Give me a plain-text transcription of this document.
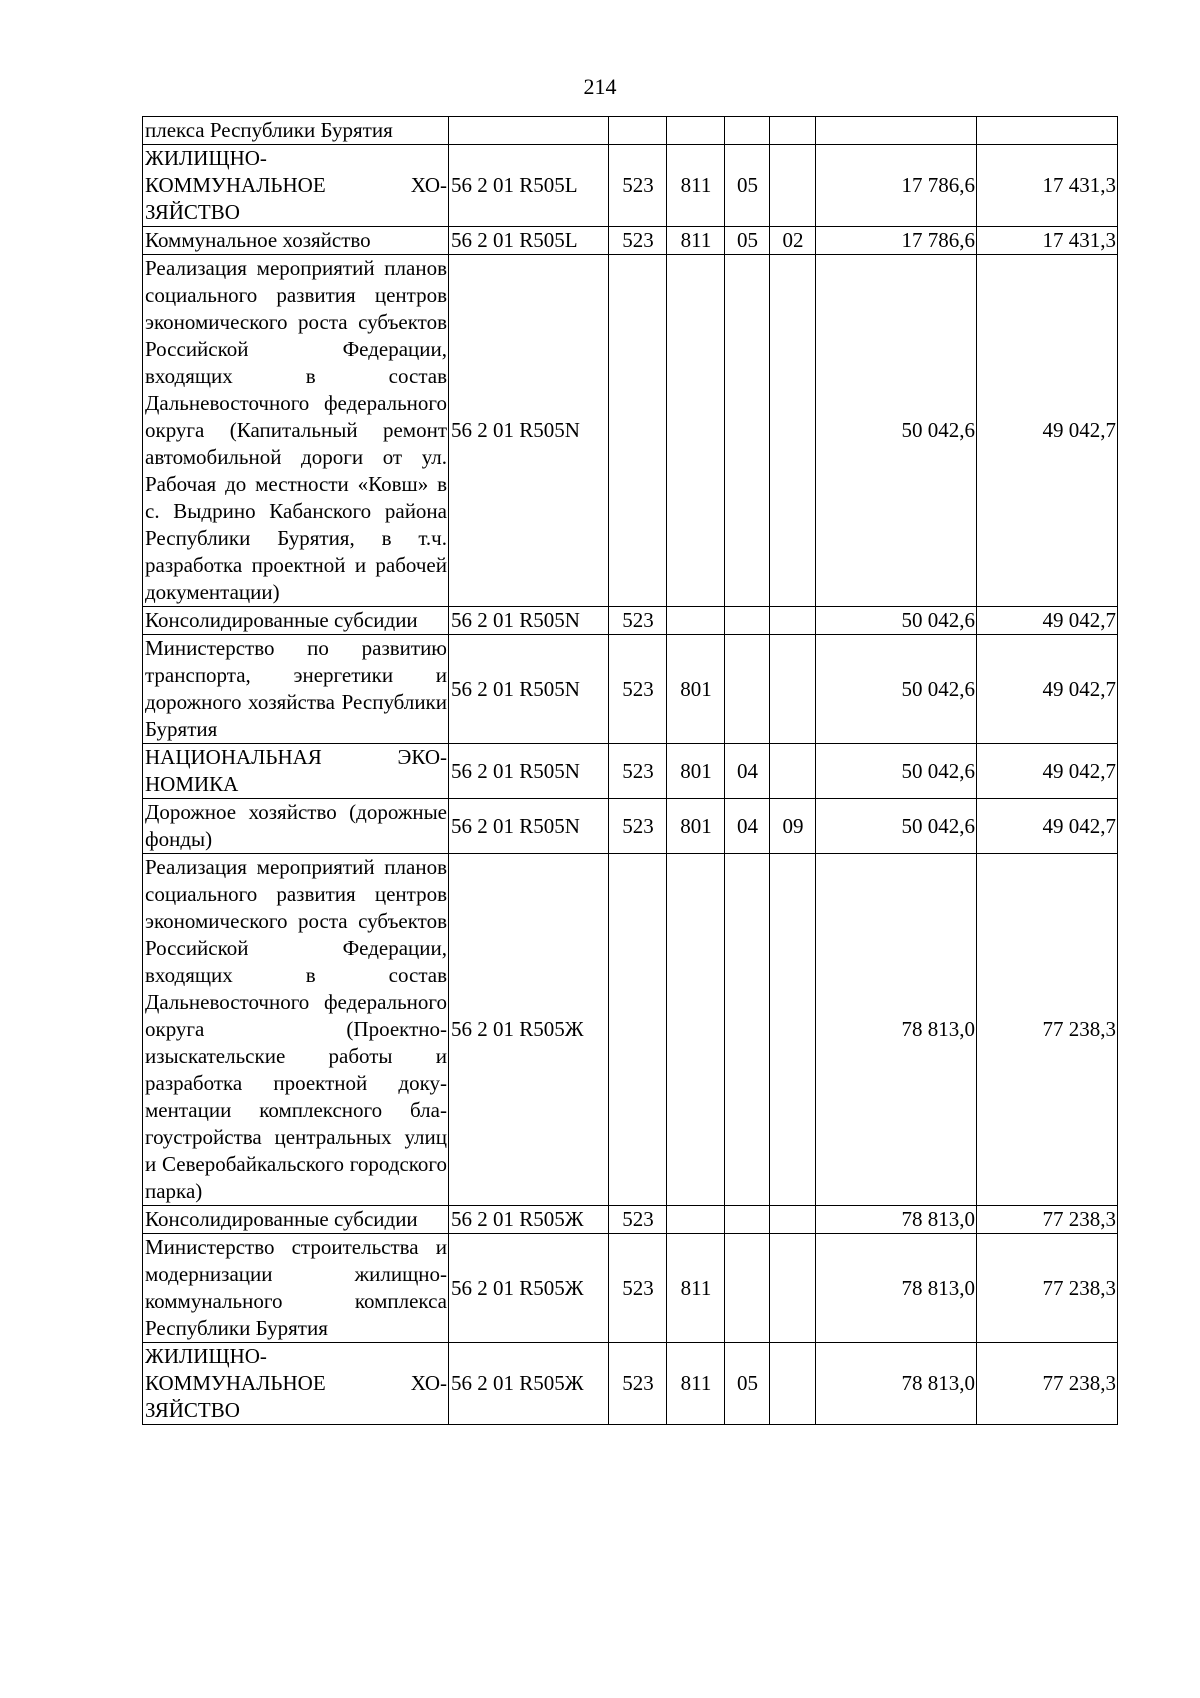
214
плекса Республики Бурятия							
ЖИЛИЩНО-КОММУНАЛЬНОЕ ХОЗЯЙСТВО	56 2 01 R505L	523	811	05		17 786,6	17 431,3
Коммунальное хозяйство	56 2 01 R505L	523	811	05	02	17 786,6	17 431,3
Реализация мероприятий планов социального развития центров экономического роста субъектов Российской Федерации, входящих в состав Дальневосточного федерального округа (Капитальный ремонт автомобильной дороги от ул. Рабочая до местности «Ковш» в с. Выдрино Кабанского района Республики Бурятия, в т.ч. разработка проектной и рабочей документации)	56 2 01 R505N					50 042,6	49 042,7
Консолидированные субсидии	56 2 01 R505N	523				50 042,6	49 042,7
Министерство по развитию транспорта, энергетики и дорожного хозяйства Республики Бурятия	56 2 01 R505N	523	801			50 042,6	49 042,7
НАЦИОНАЛЬНАЯ ЭКОНОМИКА	56 2 01 R505N	523	801	04		50 042,6	49 042,7
Дорожное хозяйство (дорожные фонды)	56 2 01 R505N	523	801	04	09	50 042,6	49 042,7
Реализация мероприятий планов социального развития центров экономического роста субъектов Российской Федерации, входящих в состав Дальневосточного федерального округа (Проектно-изыскательские работы и разработка проектной документации комплексного благоустройства центральных улиц и Северобайкальского городского парка)	56 2 01 R505Ж					78 813,0	77 238,3
Консолидированные субсидии	56 2 01 R505Ж	523				78 813,0	77 238,3
Министерство строительства и модернизации жилищно-коммунального комплекса Республики Бурятия	56 2 01 R505Ж	523	811			78 813,0	77 238,3
ЖИЛИЩНО-КОММУНАЛЬНОЕ ХОЗЯЙСТВО	56 2 01 R505Ж	523	811	05		78 813,0	77 238,3
